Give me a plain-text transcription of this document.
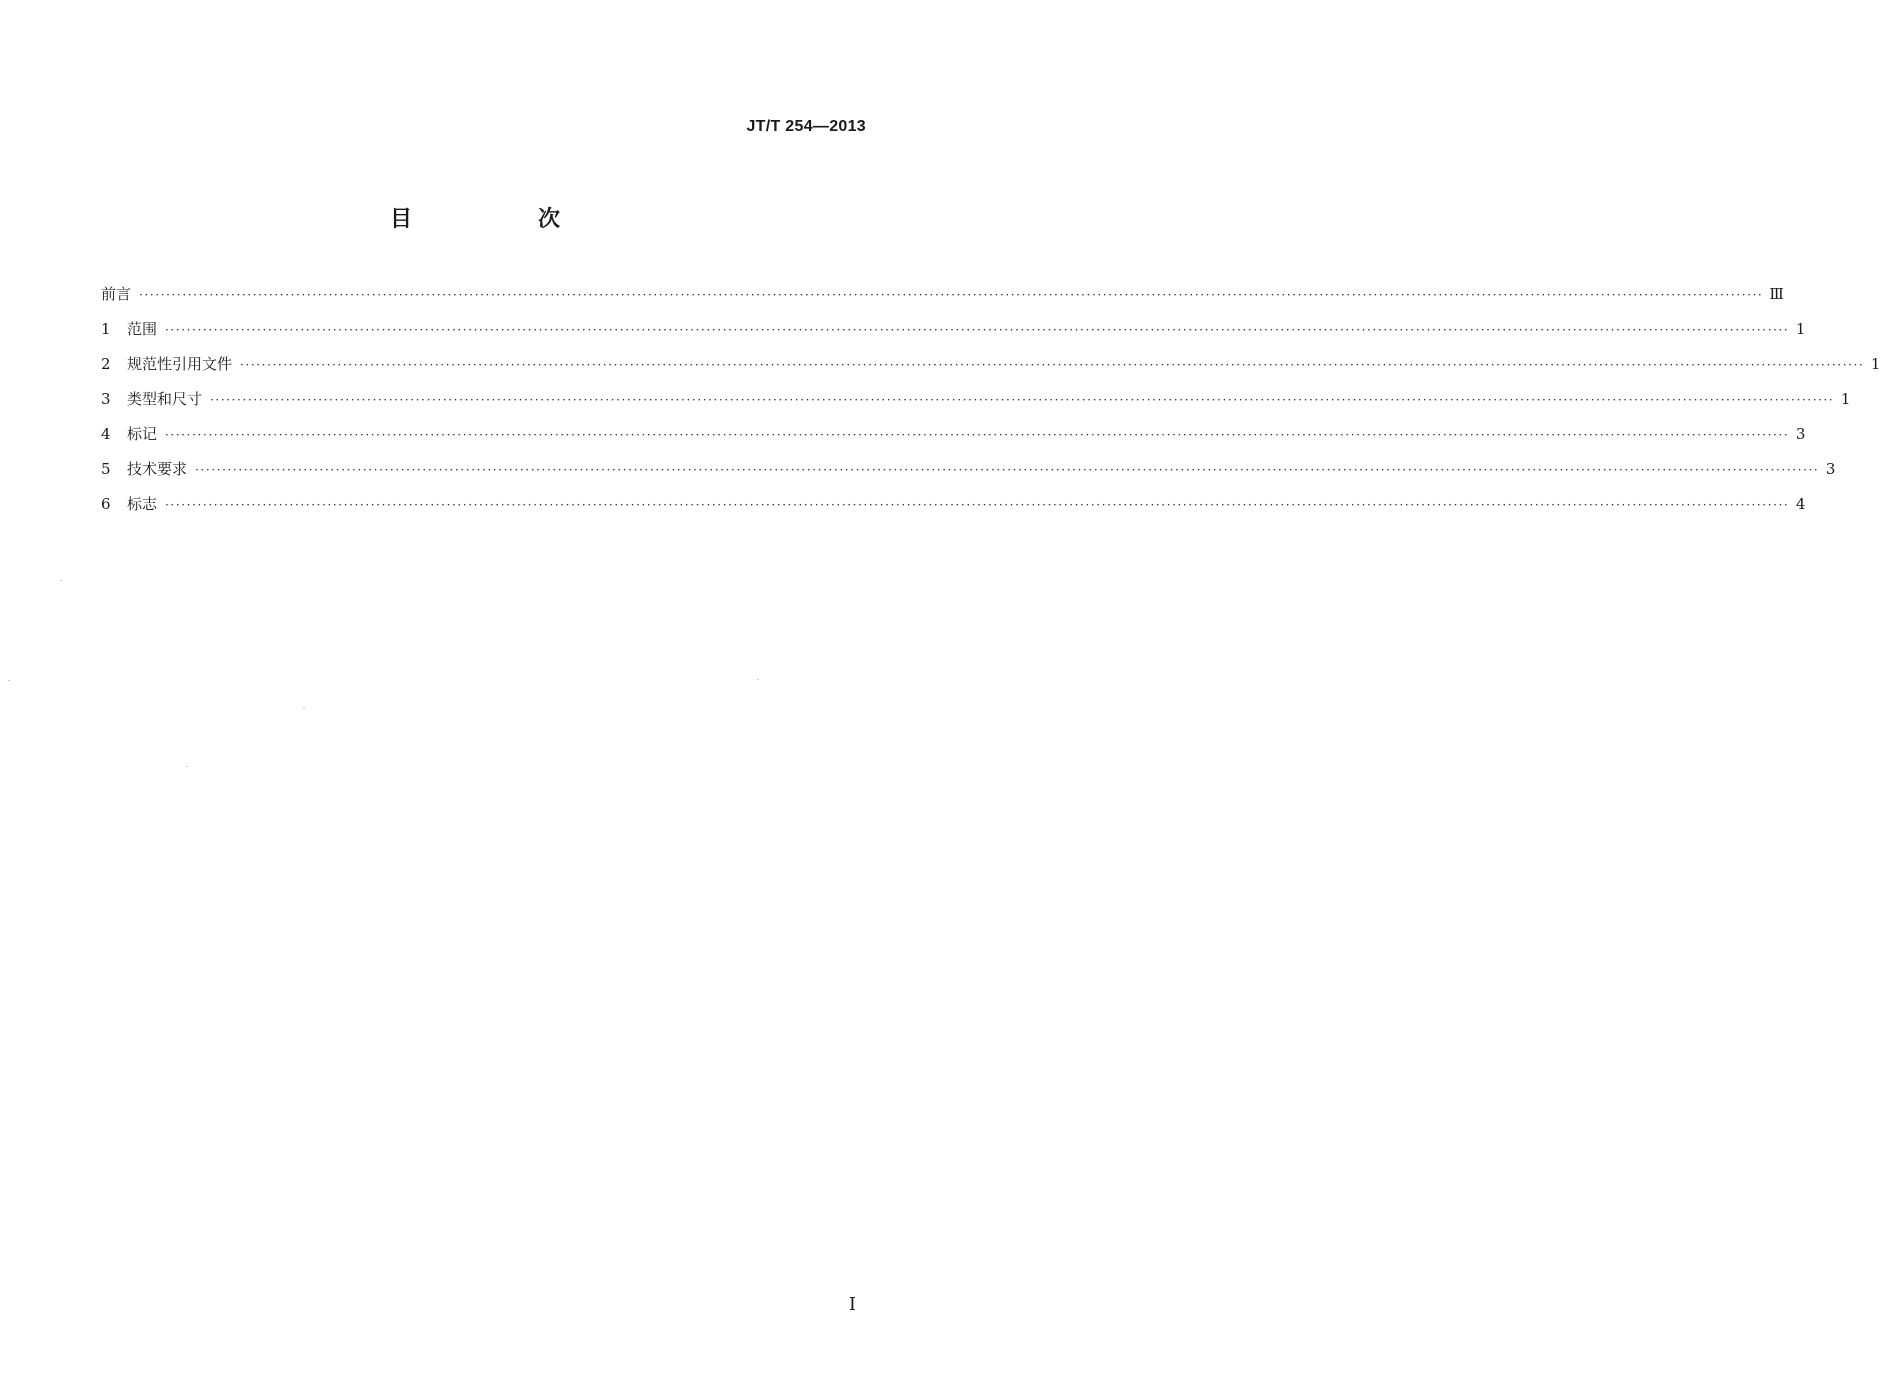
JT/T 254—2013
目　次
前言 ············································································································································································································································································································ Ⅲ
1	范围 ············································································································································································································································································································ 1
2	规范性引用文件 ············································································································································································································································································································ 1
3	类型和尺寸 ············································································································································································································································································································ 1
4	标记 ············································································································································································································································································································ 3
5	技术要求 ············································································································································································································································································································ 3
6	标志 ············································································································································································································································································································ 4
I
